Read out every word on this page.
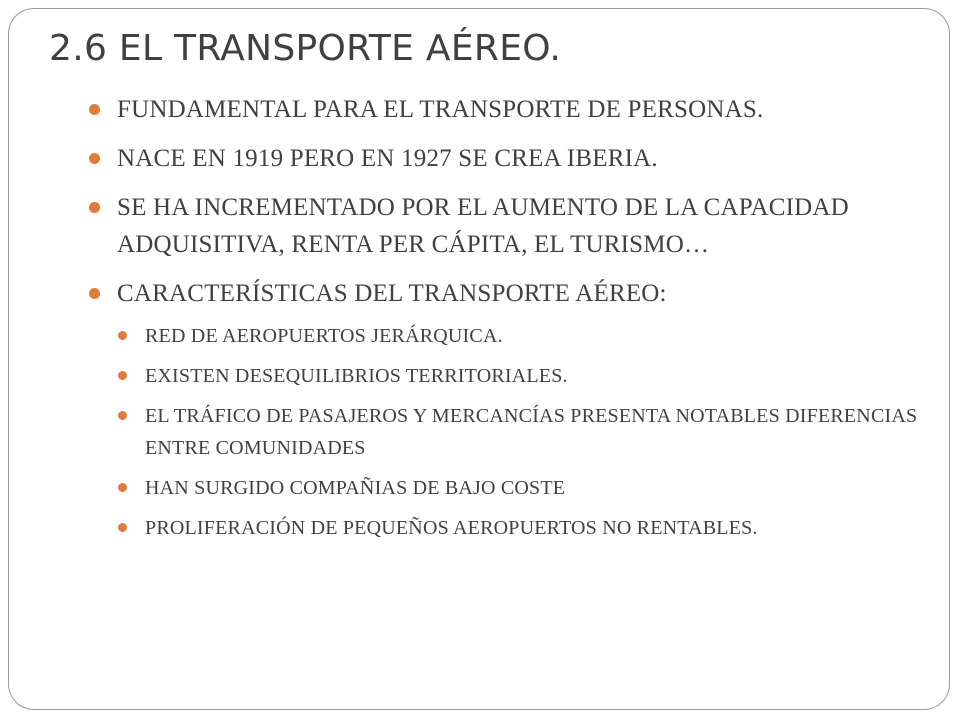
2.6 EL TRANSPORTE AÉREO.
FUNDAMENTAL PARA EL TRANSPORTE DE PERSONAS.
NACE EN 1919 PERO EN 1927 SE CREA IBERIA.
SE HA INCREMENTADO POR EL AUMENTO DE LA CAPACIDAD ADQUISITIVA, RENTA PER CÁPITA, EL TURISMO…
CARACTERÍSTICAS DEL TRANSPORTE AÉREO:
RED DE AEROPUERTOS JERÁRQUICA.
EXISTEN DESEQUILIBRIOS TERRITORIALES.
EL TRÁFICO DE PASAJEROS Y MERCANCÍAS PRESENTA NOTABLES DIFERENCIAS ENTRE COMUNIDADES
HAN SURGIDO COMPAÑIAS DE BAJO COSTE
PROLIFERACIÓN DE PEQUEÑOS AEROPUERTOS NO RENTABLES.
